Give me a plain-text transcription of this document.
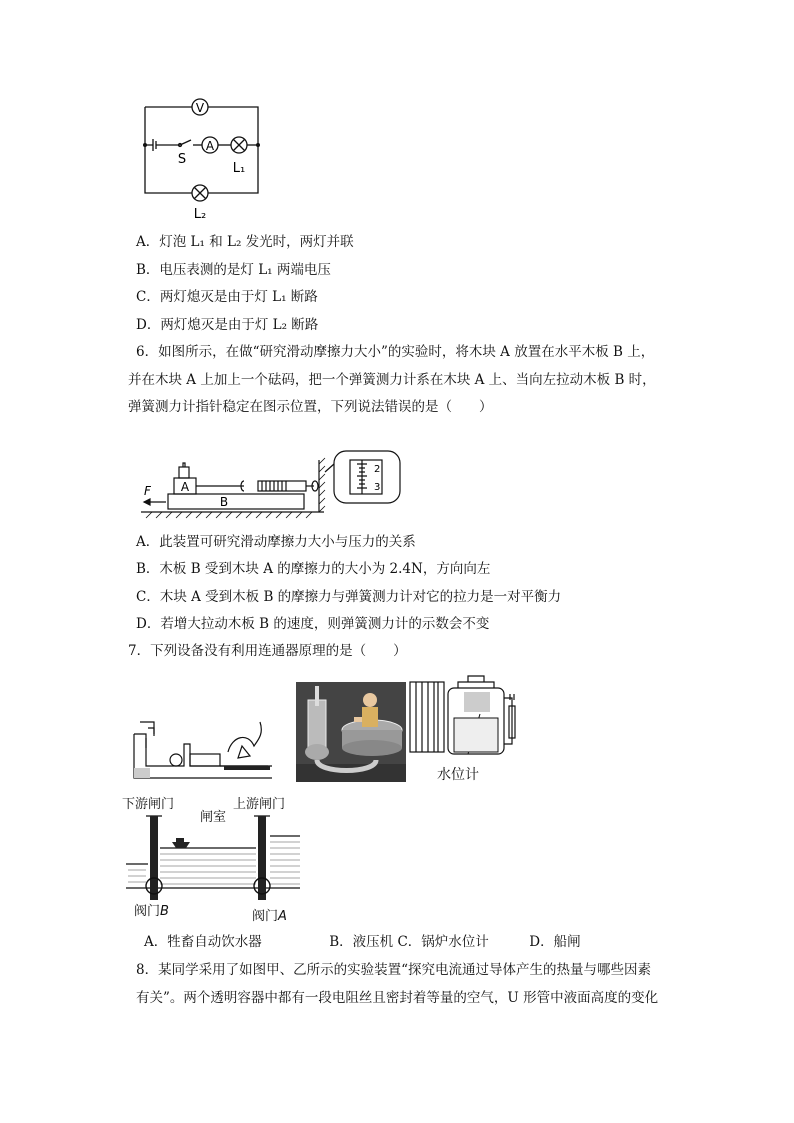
V
A
S
L₁
L₂
A．灯泡 L₁ 和 L₂ 发光时，两灯并联
B．电压表测的是灯 L₁ 两端电压
C．两灯熄灭是由于灯 L₁ 断路
D．两灯熄灭是由于灯 L₂ 断路
6．如图所示，在做“研究滑动摩擦力大小”的实验时，将木块 A 放置在水平木板 B 上，
并在木块 A 上加上一个砝码，把一个弹簧测力计系在木块 A 上、当向左拉动木板 B 时，
弹簧测力计指针稳定在图示位置，下列说法错误的是（　　）
F A
B
2
3
A．此装置可研究滑动摩擦力大小与压力的关系
B．木板 B 受到木块 A 的摩擦力的大小为 2.4N，方向向左
C．木块 A 受到木板 B 的摩擦力与弹簧测力计对它的拉力是一对平衡力
D．若增大拉动木板 B 的速度，则弹簧测力计的示数会不变
7．下列设备没有利用连通器原理的是（　　）
水位计
下游闸门
闸室
上游闸门
阀门B	阀门A
A．牲畜自动饮水器　　　　　B．液压机 C．锅炉水位计　　　D．船闸
8．某同学采用了如图甲、乙所示的实验装置“探究电流通过导体产生的热量与哪些因素
有关”。两个透明容器中都有一段电阻丝且密封着等量的空气，U 形管中液面高度的变化
